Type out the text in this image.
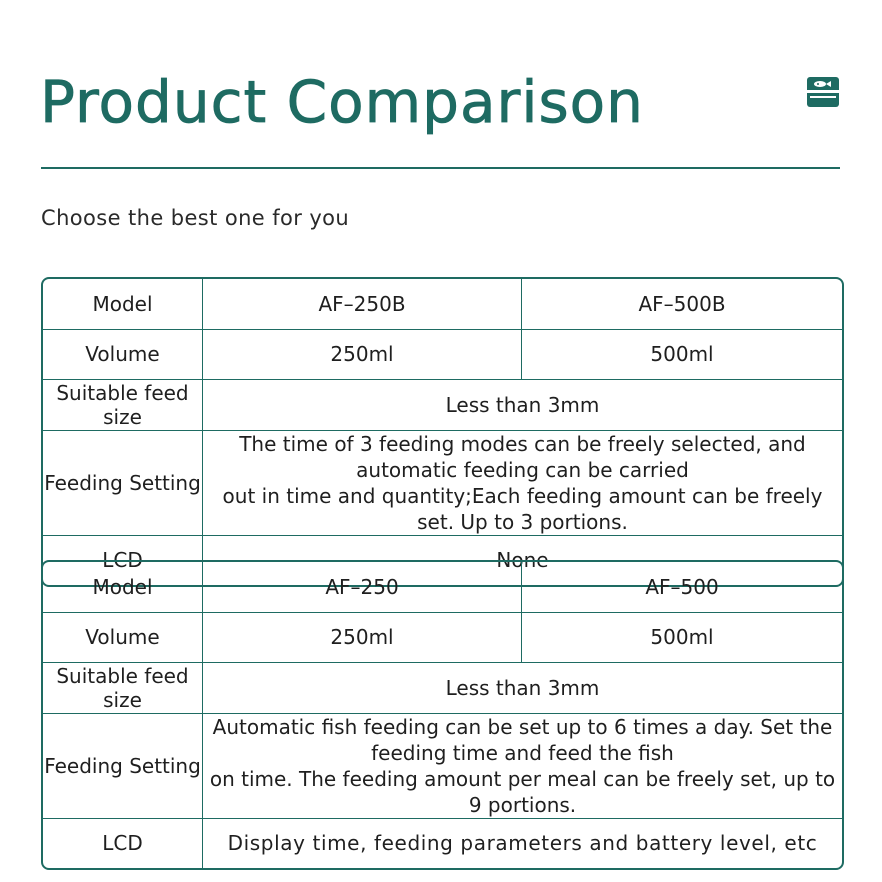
Product Comparison
Choose the best one for you
Model	AF–250B	AF–500B
Volume	250ml	500ml
Suitable feed size	Less than 3mm	
Feeding Setting	The time of 3 feeding modes can be freely selected, and automatic feeding can be carried
out in time and quantity;Each feeding amount can be freely set. Up to 3 portions.	

LCD	None	
Model	AF–250	AF–500
Volume	250ml	500ml
Suitable feed size	Less than 3mm	
Feeding Setting	Automatic fish feeding can be set up to 6 times a day. Set the feeding time and feed the fish
on time. The feeding amount per meal can be freely set, up to 9 portions.	

LCD	Display time, feeding parameters and battery level, etc	
